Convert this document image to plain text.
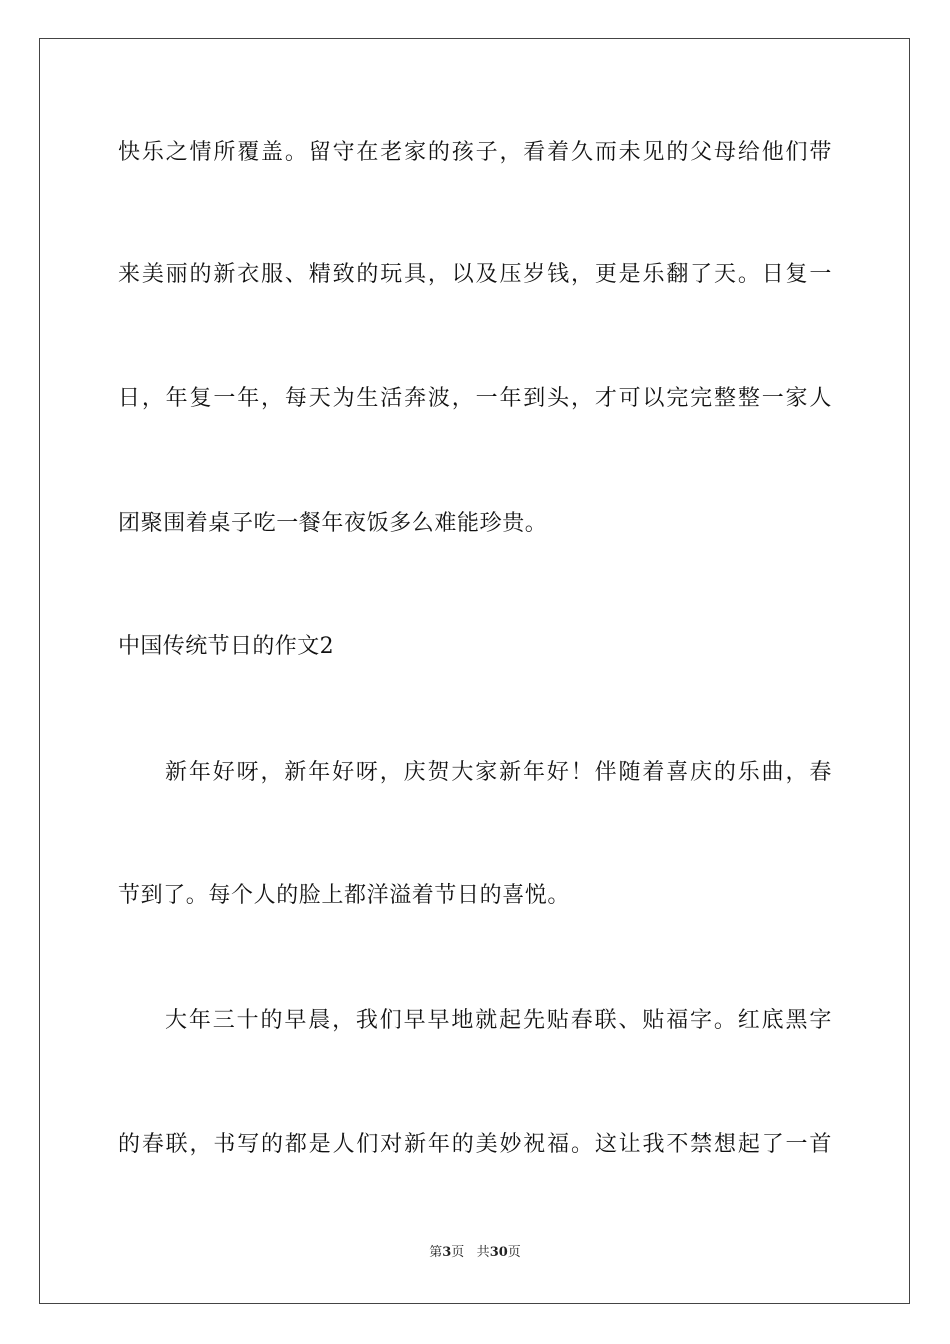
快乐之情所覆盖。留守在老家的孩子，看着久而未见的父母给他们带
来美丽的新衣服、精致的玩具，以及压岁钱，更是乐翻了天。日复一
日，年复一年，每天为生活奔波，一年到头，才可以完完整整一家人
团聚围着桌子吃一餐年夜饭多么难能珍贵。
中国传统节日的作文2
新年好呀，新年好呀，庆贺大家新年好！伴随着喜庆的乐曲，春
节到了。每个人的脸上都洋溢着节日的喜悦。
大年三十的早晨，我们早早地就起先贴春联、贴福字。红底黑字
的春联，书写的都是人们对新年的美妙祝福。这让我不禁想起了一首
第3页 共30页
